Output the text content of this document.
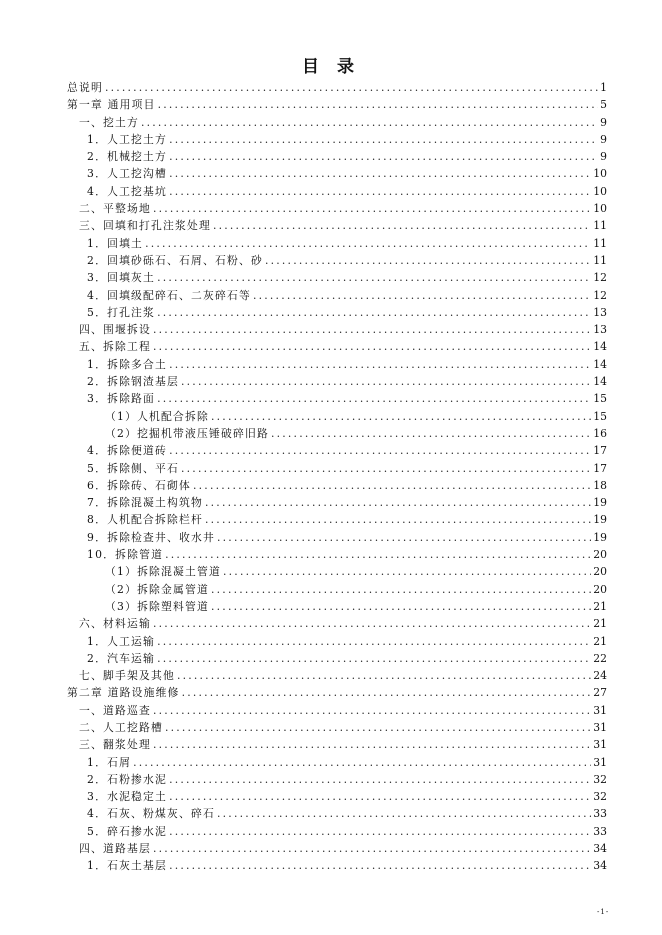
目 录
总说明 .....	1
第一章 通用项目 .....	5
一、挖土方 .....	9
1．人工挖土方 .....	9
2．机械挖土方 .....	9
3．人工挖沟槽 .....	10
4．人工挖基坑 .....	10
二、平整场地 .....	10
三、回填和打孔注浆处理 .....	11
1．回填土 .....	11
2．回填砂砾石、石屑、石粉、砂 .....	11
3．回填灰土 .....	12
4．回填级配碎石、二灰碎石等 .....	12
5．打孔注浆 .....	13
四、围堰拆设 .....	13
五、拆除工程 .....	14
1．拆除多合土 .....	14
2．拆除钢渣基层 .....	14
3．拆除路面 .....	15
（1）人机配合拆除 .....	15
（2）挖掘机带液压锤破碎旧路 .....	16
4．拆除便道砖 .....	17
5．拆除侧、平石 .....	17
6．拆除砖、石砌体 .....	18
7．拆除混凝土构筑物 .....	19
8．人机配合拆除栏杆 .....	19
9．拆除检查井、收水井 .....	19
10．拆除管道 .....	20
（1）拆除混凝土管道 .....	20
（2）拆除金属管道 .....	20
（3）拆除塑料管道 .....	21
六、材料运输 .....	21
1．人工运输 .....	21
2．汽车运输 .....	22
七、脚手架及其他 .....	24
第二章 道路设施维修 .....	27
一、道路巡查 .....	31
二、人工挖路槽 .....	31
三、翻浆处理 .....	31
1．石屑 .....	31
2．石粉掺水泥 .....	32
3．水泥稳定土 .....	32
4．石灰、粉煤灰、碎石 .....	33
5．碎石掺水泥 .....	33
四、道路基层 .....	34
1．石灰土基层 .....	34
-1-
